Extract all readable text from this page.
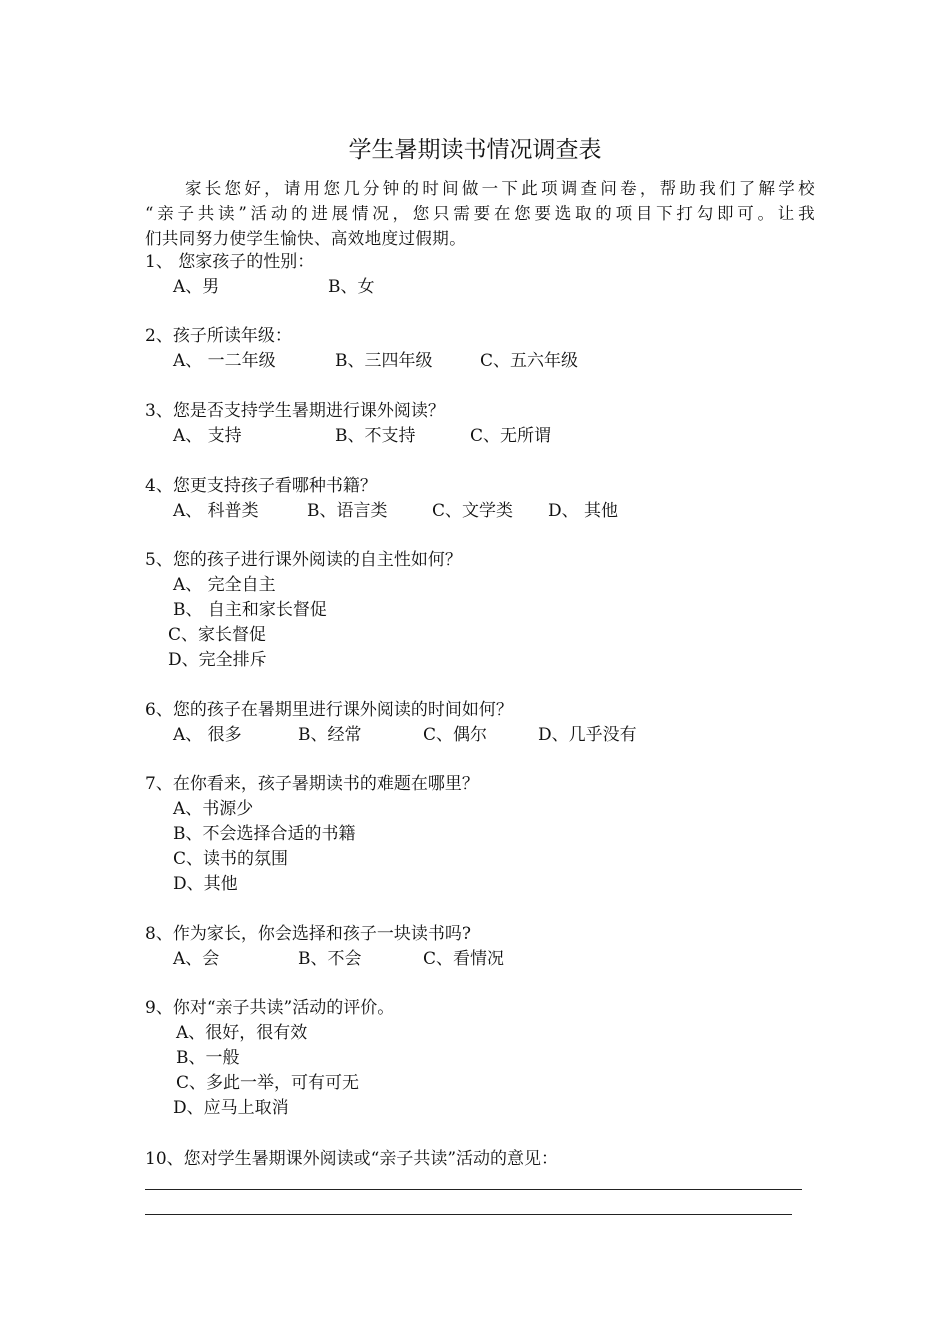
学生暑期读书情况调查表

家长您好，请用您几分钟的时间做一下此项调查问卷，帮助我们了解学校

“亲子共读”活动的进展情况，您只需要在您要选取的项目下打勾即可。让我

们共同努力使学生愉快、高效地度过假期。

1、 您家孩子的性别：
A、男	B、女
2、孩子所读年级：
A、 一二年级	B、三四年级	C、五六年级
3、您是否支持学生暑期进行课外阅读？
A、 支持	B、不支持	C、无所谓
4、您更支持孩子看哪种书籍？
A、 科普类	B、语言类	C、文学类 D、 其他
5、您的孩子进行课外阅读的自主性如何？
A、 完全自主
B、 自主和家长督促
C、家长督促
D、完全排斥
6、您的孩子在暑期里进行课外阅读的时间如何？
A、 很多	B、经常	C、偶尔	D、几乎没有
7、在你看来，孩子暑期读书的难题在哪里？
A、书源少
B、不会选择合适的书籍
C、读书的氛围
D、其他
8、作为家长，你会选择和孩子一块读书吗?
A、会	B、不会	C、看情况
9、你对“亲子共读”活动的评价。
A、很好，很有效
B、一般
C、多此一举，可有可无
D、应马上取消
10、您对学生暑期课外阅读或“亲子共读”活动的意见：
